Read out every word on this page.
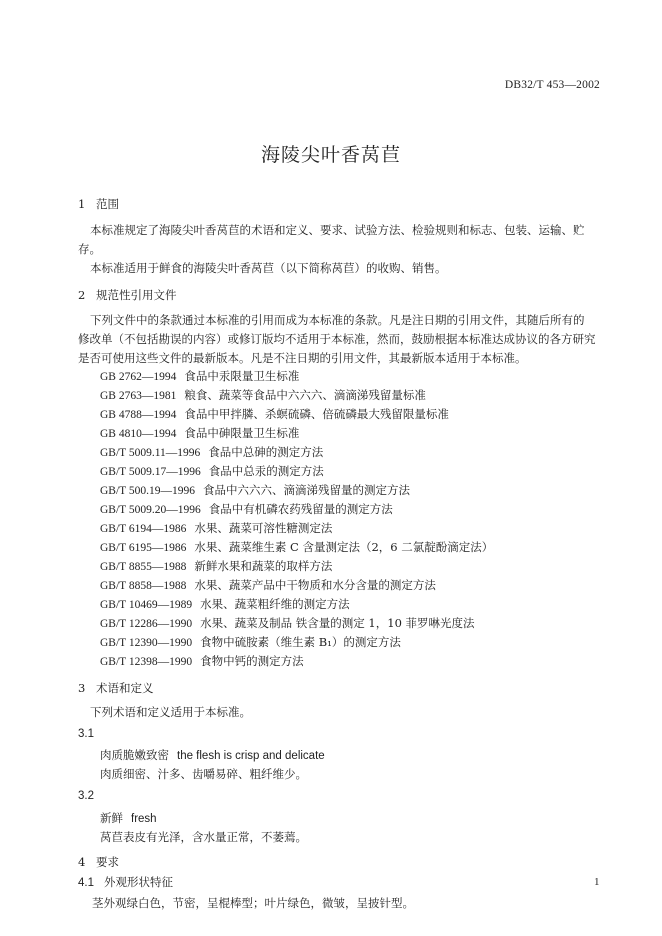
DB32/T 453—2002
海陵尖叶香莴苣
1 范围
本标准规定了海陵尖叶香莴苣的术语和定义、要求、试验方法、检验规则和标志、包装、运输、贮
存。
本标准适用于鲜食的海陵尖叶香莴苣（以下简称莴苣）的收购、销售。
2 规范性引用文件
下列文件中的条款通过本标准的引用而成为本标准的条款。凡是注日期的引用文件，其随后所有的
修改单（不包括勘误的内容）或修订版均不适用于本标准，然而，鼓励根据本标准达成协议的各方研究
是否可使用这些文件的最新版本。凡是不注日期的引用文件，其最新版本适用于本标准。
GB 2762—1994 食品中汞限量卫生标准
GB 2763—1981 粮食、蔬菜等食品中六六六、滴滴涕残留量标准
GB 4788—1994 食品中甲拌膦、杀螟硫磷、倍硫磷最大残留限量标准
GB 4810—1994 食品中砷限量卫生标准
GB/T 5009.11—1996 食品中总砷的测定方法
GB/T 5009.17—1996 食品中总汞的测定方法
GB/T 500.19—1996 食品中六六六、滴滴涕残留量的测定方法
GB/T 5009.20—1996 食品中有机磷农药残留量的测定方法
GB/T 6194—1986 水果、蔬菜可溶性糖测定法
GB/T 6195—1986 水果、蔬菜维生素 C 含量测定法（2，6 二氯靛酚滴定法）
GB/T 8855—1988 新鲜水果和蔬菜的取样方法
GB/T 8858—1988 水果、蔬菜产品中干物质和水分含量的测定方法
GB/T 10469—1989 水果、蔬菜粗纤维的测定方法
GB/T 12286—1990 水果、蔬菜及制品 铁含量的测定 1，10 菲罗啉光度法
GB/T 12390—1990 食物中硫胺素（维生素 B₁）的测定方法
GB/T 12398—1990 食物中钙的测定方法
3 术语和定义
下列术语和定义适用于本标准。
3.1
肉质脆嫩致密 the flesh is crisp and delicate
肉质细密、汁多、齿嚼易碎、粗纤维少。
3.2
新鲜 fresh
莴苣表皮有光泽，含水量正常，不萎蔫。
4 要求
4.1 外观形状特征
茎外观绿白色，节密，呈棍棒型；叶片绿色，微皱，呈披针型。
1
